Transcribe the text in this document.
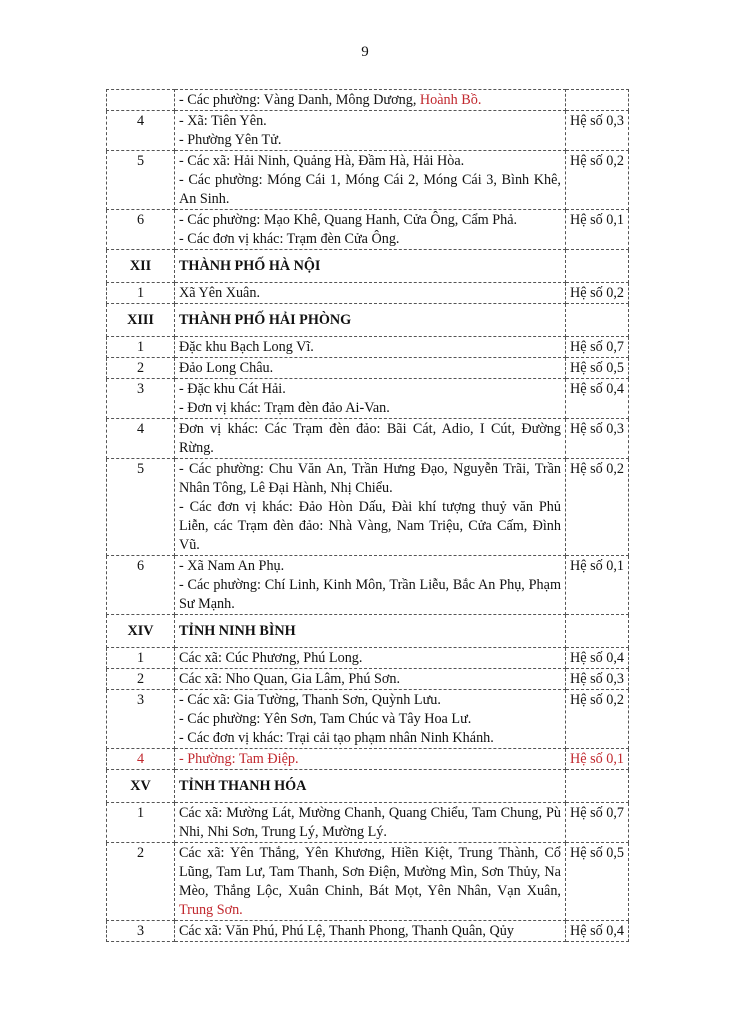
9

	- Các phường: Vàng Danh, Mông Dương, Hoành Bồ.	

4	- Xã: Tiên Yên.
- Phường Yên Tử.	Hệ số 0,3
5	- Các xã: Hải Ninh, Quảng Hà, Đầm Hà, Hải Hòa.
- Các phường: Móng Cái 1, Móng Cái 2, Móng Cái 3, Bình Khê, An Sinh.	Hệ số 0,2
6	- Các phường: Mạo Khê, Quang Hanh, Cửa Ông, Cẩm Phả.
- Các đơn vị khác: Trạm đèn Cửa Ông.	Hệ số 0,1
XII	THÀNH PHỐ HÀ NỘI	
1	Xã Yên Xuân.	Hệ số 0,2
XIII	THÀNH PHỐ HẢI PHÒNG	
1	Đặc khu Bạch Long Vĩ.	Hệ số 0,7
2	Đảo Long Châu.	Hệ số 0,5
3	- Đặc khu Cát Hải.
- Đơn vị khác: Trạm đèn đảo Ai-Van.	Hệ số 0,4
4	Đơn vị khác: Các Trạm đèn đảo: Bãi Cát, Adio, I Cút, Đường Rừng.	Hệ số 0,3
5	- Các phường: Chu Văn An, Trần Hưng Đạo, Nguyễn Trãi, Trần Nhân Tông, Lê Đại Hành, Nhị Chiểu.
- Các đơn vị khác: Đảo Hòn Dấu, Đài khí tượng thuỷ văn Phủ Liễn, các Trạm đèn đảo: Nhà Vàng, Nam Triệu, Cửa Cấm, Đình Vũ.	Hệ số 0,2
6	- Xã Nam An Phụ.
- Các phường: Chí Linh, Kinh Môn, Trần Liễu, Bắc An Phụ, Phạm Sư Mạnh.	Hệ số 0,1
XIV	TỈNH NINH BÌNH	
1	Các xã: Cúc Phương, Phú Long.	Hệ số 0,4
2	Các xã: Nho Quan, Gia Lâm, Phú Sơn.	Hệ số 0,3
3	- Các xã: Gia Tường, Thanh Sơn, Quỳnh Lưu.
- Các phường: Yên Sơn, Tam Chúc và Tây Hoa Lư.
- Các đơn vị khác: Trại cải tạo phạm nhân Ninh Khánh.	Hệ số 0,2
4	- Phường: Tam Điệp.	Hệ số 0,1
XV	TỈNH THANH HÓA	
1	Các xã: Mường Lát, Mường Chanh, Quang Chiểu, Tam Chung, Pù Nhi, Nhi Sơn, Trung Lý, Mường Lý.	Hệ số 0,7
2	Các xã: Yên Thắng, Yên Khương, Hiền Kiệt, Trung Thành, Cổ Lũng, Tam Lư, Tam Thanh, Sơn Điện, Mường Mìn, Sơn Thủy, Na Mèo, Thắng Lộc, Xuân Chinh, Bát Mọt, Yên Nhân, Vạn Xuân, Trung Sơn.	Hệ số 0,5
3	Các xã: Văn Phú, Phú Lệ, Thanh Phong, Thanh Quân, Qủy	Hệ số 0,4
